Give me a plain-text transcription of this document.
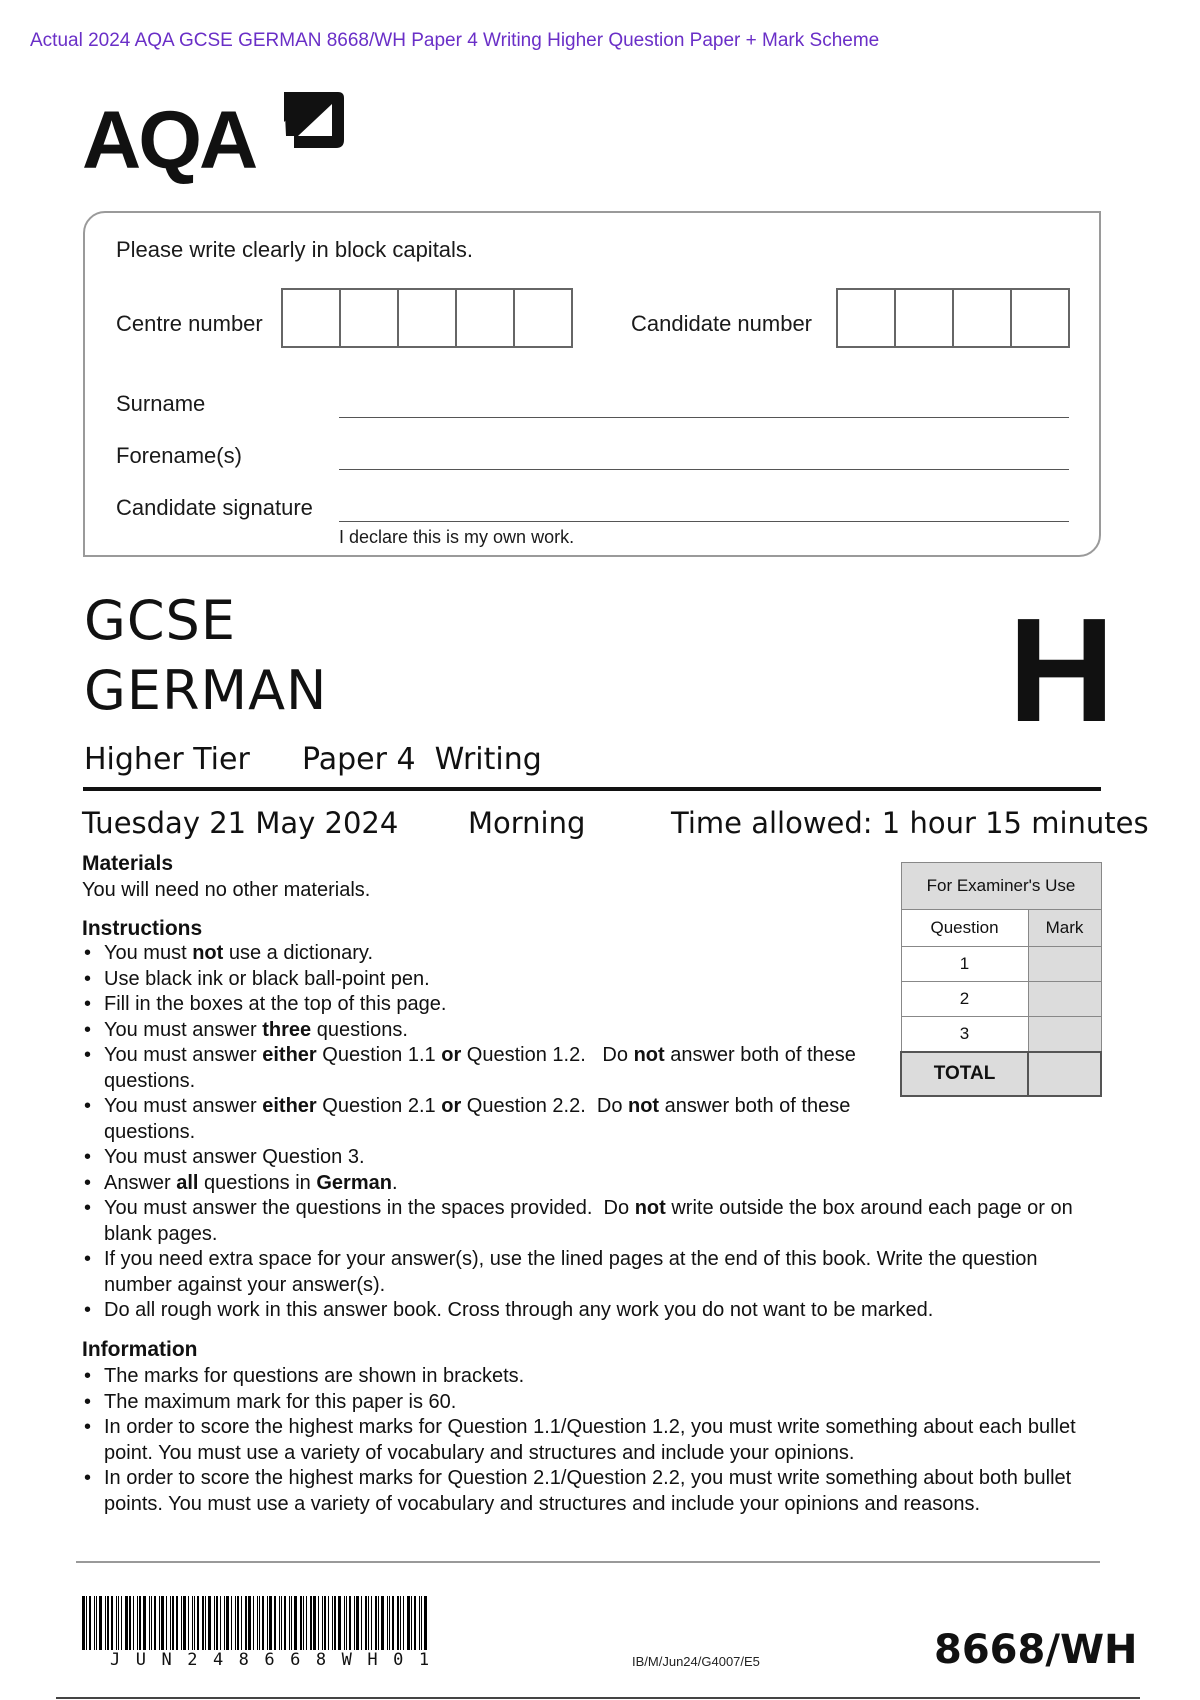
Actual 2024 AQA GCSE GERMAN 8668/WH Paper 4 Writing Higher Question Paper + Mark Scheme
AQA
Please write clearly in block capitals.
Centre number	Candidate number
Surname
Forename(s)
Candidate signature
I declare this is my own work.
GCSE
GERMAN	H
Higher Tier Paper 4  Writing
Tuesday 21 May 2024 Morning	Time allowed: 1 hour 15 minutes
Materials
You will need no other materials.
Instructions
• You must not use a dictionary.
• Use black ink or black ball-point pen.
• Fill in the boxes at the top of this page.
• You must answer three questions.
• You must answer either Question 1.1 or Question 1.2.   Do not answer both of these questions.
• You must answer either Question 2.1 or Question 2.2.  Do not answer both of these questions.
• You must answer Question 3.
• Answer all questions in German.
• You must answer the questions in the spaces provided.  Do not write outside the box around each page or on blank pages.
• If you need extra space for your answer(s), use the lined pages at the end of this book. Write the question number against your answer(s).
• Do all rough work in this answer book. Cross through any work you do not want to be marked.
Information
• The marks for questions are shown in brackets.
• The maximum mark for this paper is 60.
• In order to score the highest marks for Question 1.1/Question 1.2, you must write something about each bullet point. You must use a variety of vocabulary and structures and include your opinions.
• In order to score the highest marks for Question 2.1/Question 2.2, you must write something about both bullet points. You must use a variety of vocabulary and structures and include your opinions and reasons.
For Examiner's Use	
Question	Mark
1	
2	
3	
TOTAL	
JUN248668WH01	IB/M/Jun24/G4007/E5	8668/WH
